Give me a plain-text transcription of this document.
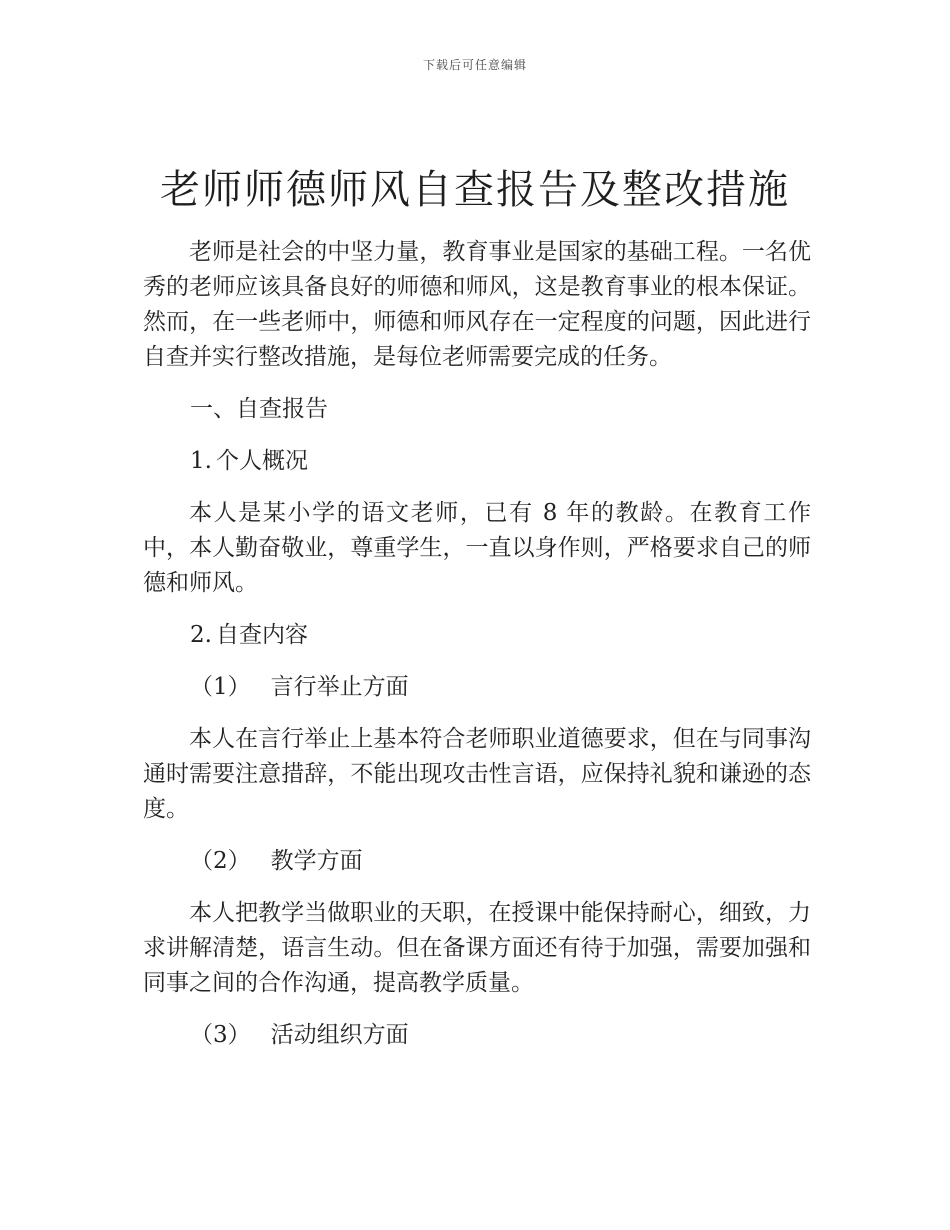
下载后可任意编辑
老师师德师风自查报告及整改措施

老师是社会的中坚力量，教育事业是国家的基础工程。一名优秀的老师应该具备良好的师德和师风，这是教育事业的根本保证。然而，在一些老师中，师德和师风存在一定程度的问题，因此进行自查并实行整改措施，是每位老师需要完成的任务。

一、自查报告

1. 个人概况

本人是某小学的语文老师，已有 8 年的教龄。在教育工作中，本人勤奋敬业，尊重学生，一直以身作则，严格要求自己的师德和师风。

2. 自查内容

（1） 言行举止方面

本人在言行举止上基本符合老师职业道德要求，但在与同事沟通时需要注意措辞，不能出现攻击性言语，应保持礼貌和谦逊的态度。

（2） 教学方面

本人把教学当做职业的天职，在授课中能保持耐心，细致，力求讲解清楚，语言生动。但在备课方面还有待于加强，需要加强和同事之间的合作沟通，提高教学质量。

（3） 活动组织方面
